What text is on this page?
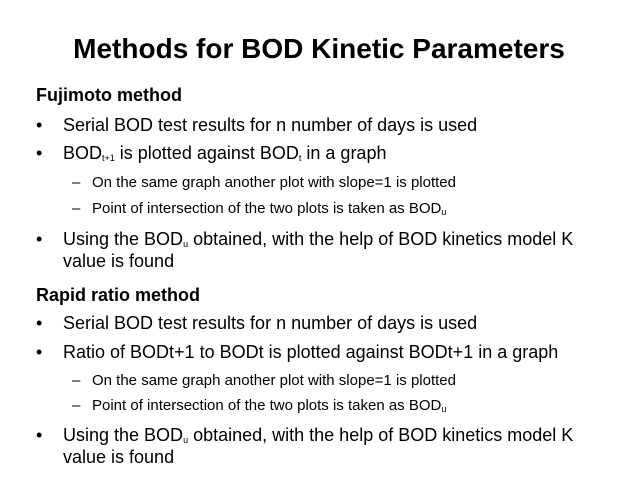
Methods for BOD Kinetic Parameters
Fujimoto method
• Serial BOD test results for n number of days is used
• $BOD_{t+1}$ is plotted against $BOD_t$ in a graph
– On the same graph another plot with slope=1 is plotted
– Point of intersection of the two plots is taken as $BOD_u$
• Using the $BOD_u$ obtained, with the help of BOD kinetics model K value is found
Rapid ratio method
• Serial BOD test results for n number of days is used
• Ratio of BODt+1 to BODt is plotted against BODt+1 in a graph
– On the same graph another plot with slope=1 is plotted
– Point of intersection of the two plots is taken as $BOD_u$
• Using the $BOD_u$ obtained, with the help of BOD kinetics model K value is found
